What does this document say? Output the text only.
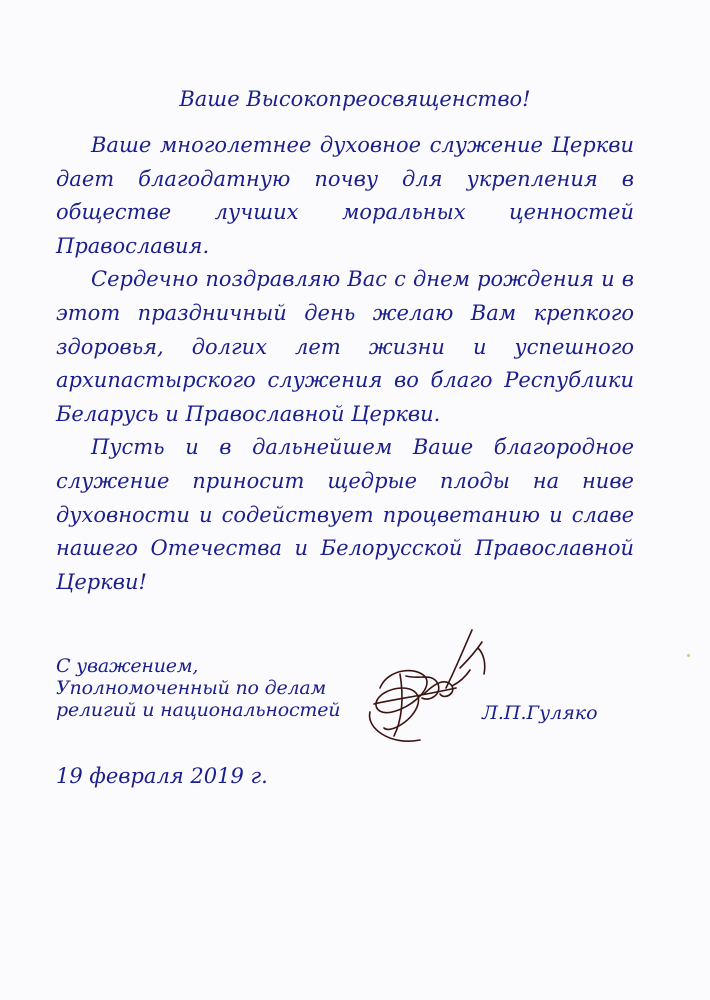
Ваше Высокопреосвященство!

Ваше многолетнее духовное служение Церкви дает благодатную почву для укрепления в обществе лучших моральных ценностей Православия.

Сердечно поздравляю Вас с днем рождения и в этот праздничный день желаю Вам крепкого здоровья, долгих лет жизни и успешного архипастырского служения во благо Республики Беларусь и Православной Церкви.

Пусть и в дальнейшем Ваше благородное служение приносит щедрые плоды на ниве духовности и содействует процветанию и славе нашего Отечества и Белорусской Православной Церкви!

С уважением,
Уполномоченный по делам
религий и национальностей	Л.П.Гуляко
19 февраля 2019 г.
